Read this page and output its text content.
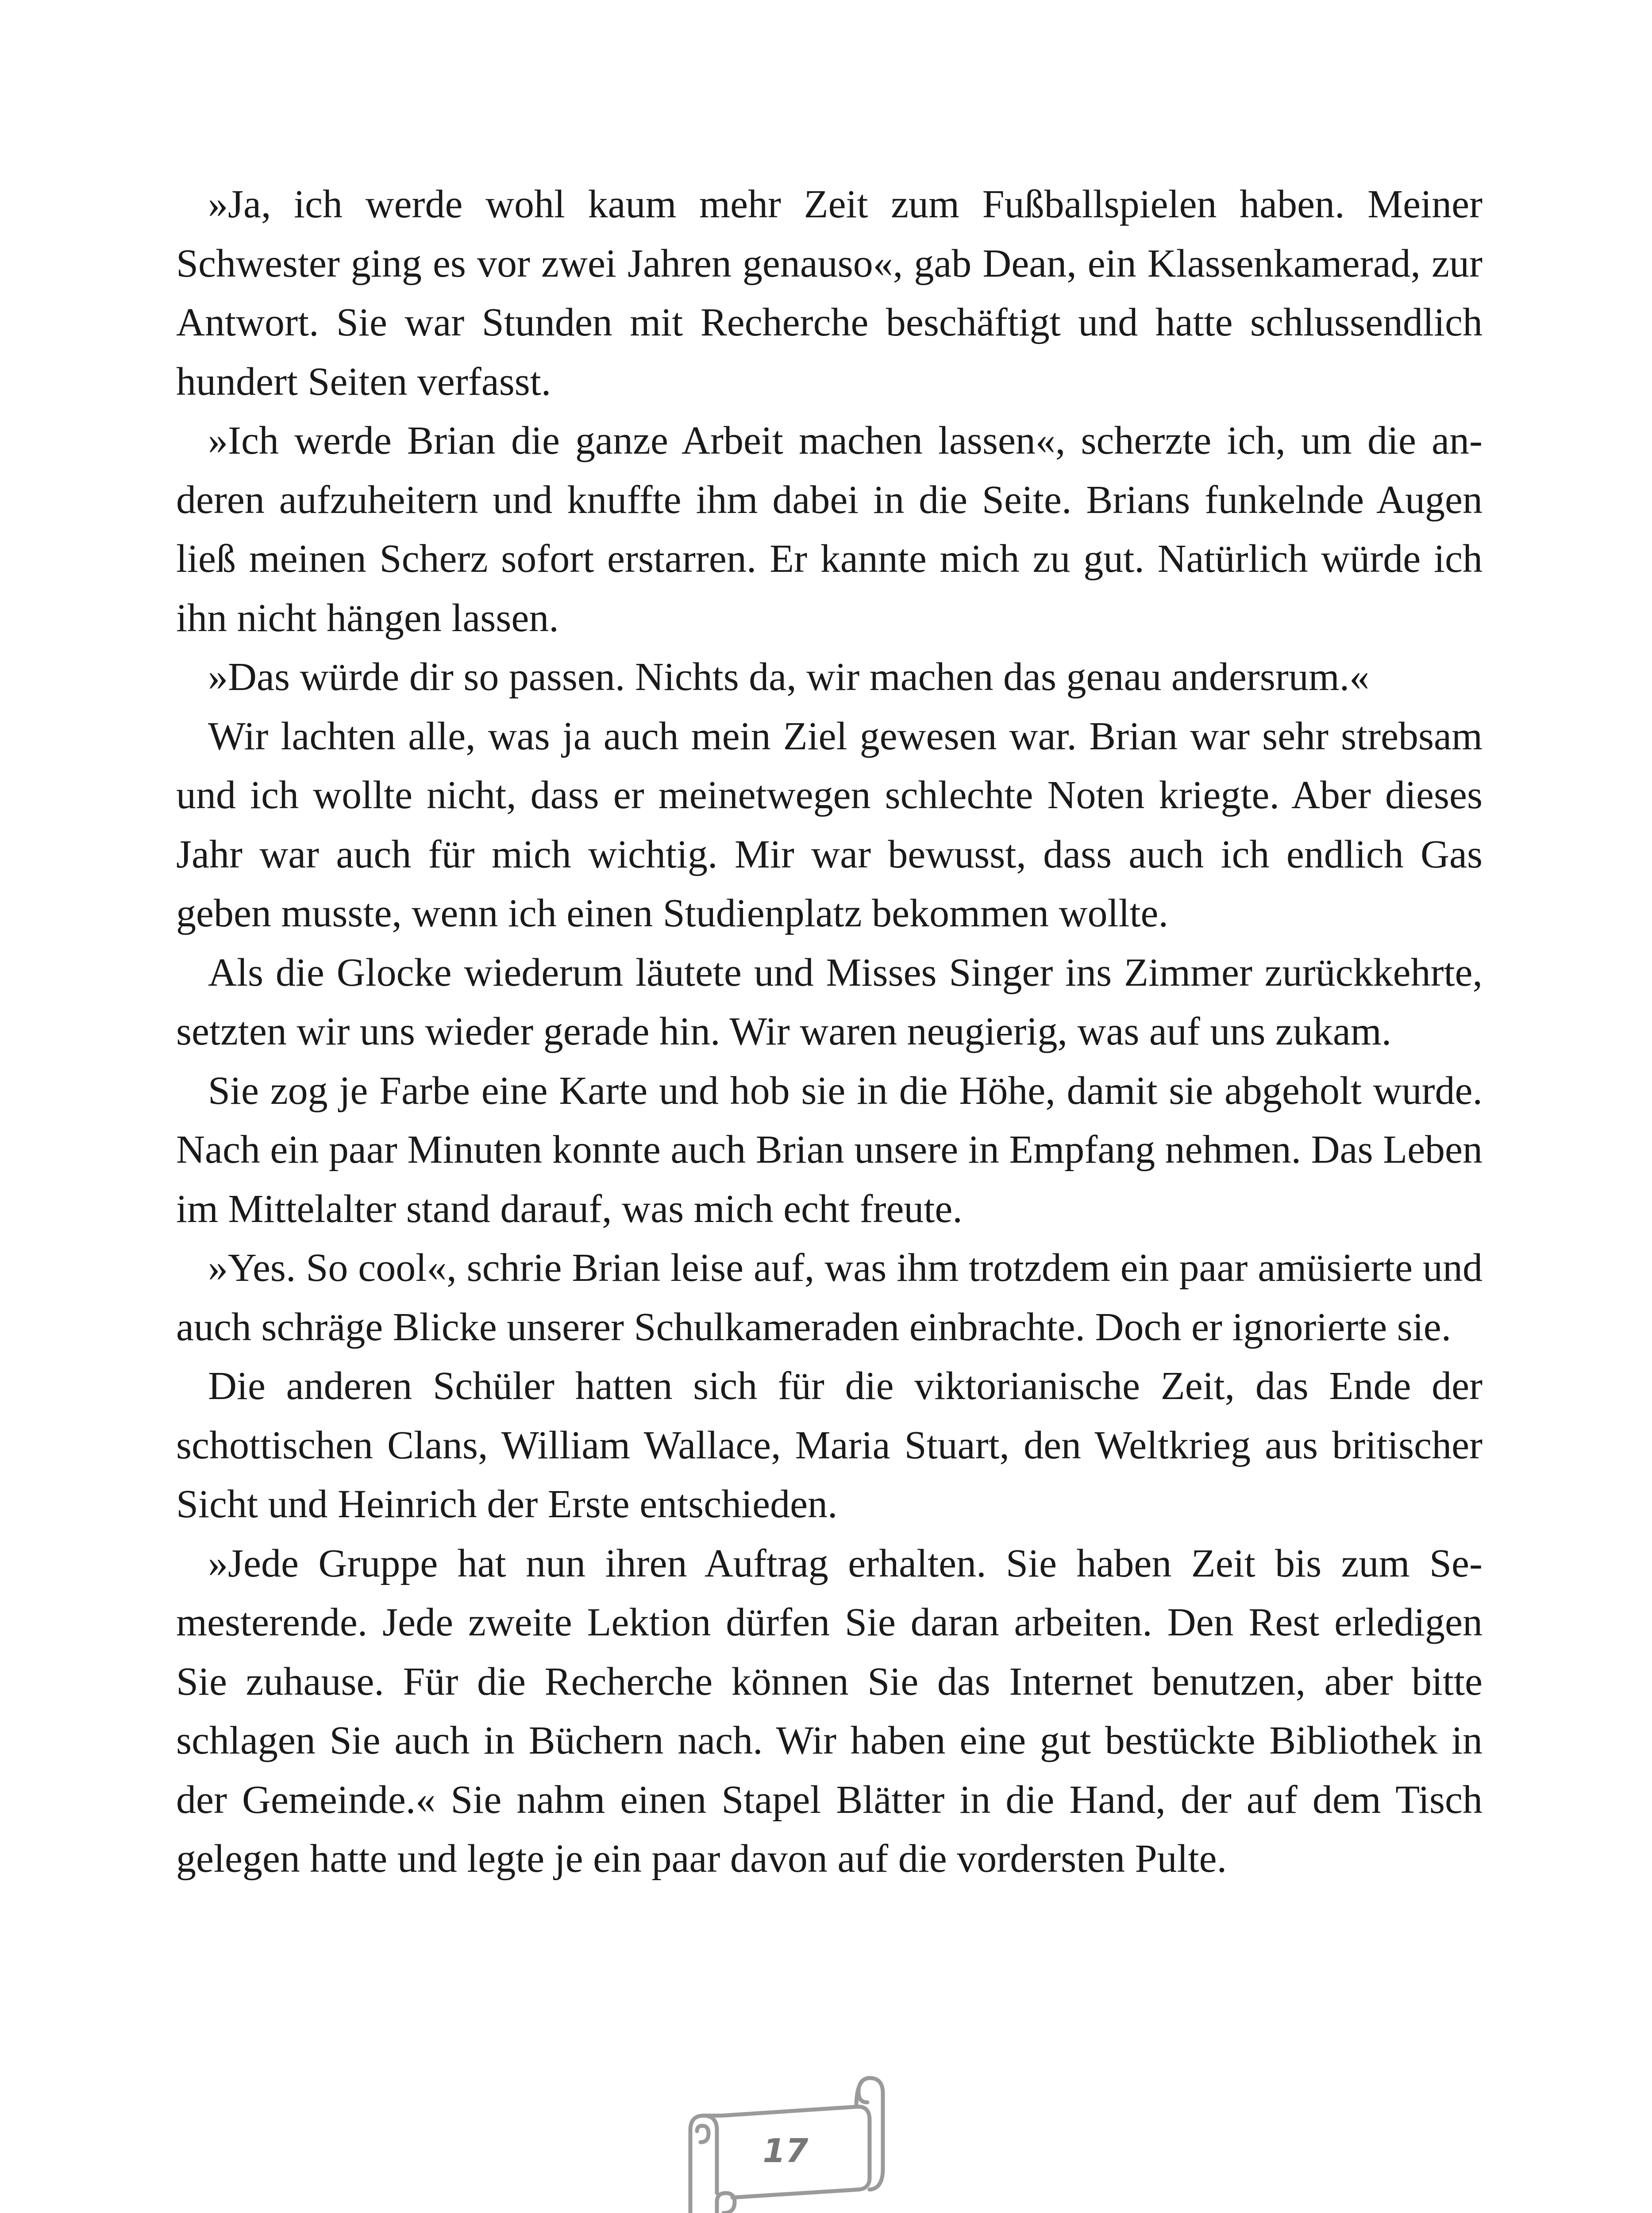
»Ja, ich werde wohl kaum mehr Zeit zum Fußballspielen haben. Meiner Schwester ging es vor zwei Jahren genauso«, gab Dean, ein Klassenkamerad, zur Antwort. Sie war Stunden mit Recherche beschäftigt und hatte schlussendlich hundert Seiten verfasst.

»Ich werde Brian die ganze Arbeit machen lassen«, scherzte ich, um die anderen aufzuheitern und knuffte ihm dabei in die Seite. Brians funkelnde Augen ließ meinen Scherz sofort erstarren. Er kannte mich zu gut. Natürlich würde ich ihn nicht hängen lassen.

»Das würde dir so passen. Nichts da, wir machen das genau andersrum.«

Wir lachten alle, was ja auch mein Ziel gewesen war. Brian war sehr strebsam und ich wollte nicht, dass er meinetwegen schlechte Noten kriegte. Aber dieses Jahr war auch für mich wichtig. Mir war bewusst, dass auch ich endlich Gas geben musste, wenn ich einen Studienplatz bekommen wollte.

Als die Glocke wiederum läutete und Misses Singer ins Zimmer zurückkehrte, setzten wir uns wieder gerade hin. Wir waren neugierig, was auf uns zukam.

Sie zog je Farbe eine Karte und hob sie in die Höhe, damit sie abgeholt wurde. Nach ein paar Minuten konnte auch Brian unsere in Empfang nehmen. Das Leben im Mittelalter stand darauf, was mich echt freute.

»Yes. So cool«, schrie Brian leise auf, was ihm trotzdem ein paar amüsierte und auch schräge Blicke unserer Schulkameraden einbrachte. Doch er ignorierte sie.

Die anderen Schüler hatten sich für die viktorianische Zeit, das Ende der schottischen Clans, William Wallace, Maria Stuart, den Weltkrieg aus britischer Sicht und Heinrich der Erste entschieden.

»Jede Gruppe hat nun ihren Auftrag erhalten. Sie haben Zeit bis zum Semesterende. Jede zweite Lektion dürfen Sie daran arbeiten. Den Rest erledigen Sie zuhause. Für die Recherche können Sie das Internet benutzen, aber bitte schlagen Sie auch in Büchern nach. Wir haben eine gut bestückte Bibliothek in der Gemeinde.« Sie nahm einen Stapel Blätter in die Hand, der auf dem Tisch gelegen hatte und legte je ein paar davon auf die vordersten Pulte.

17
